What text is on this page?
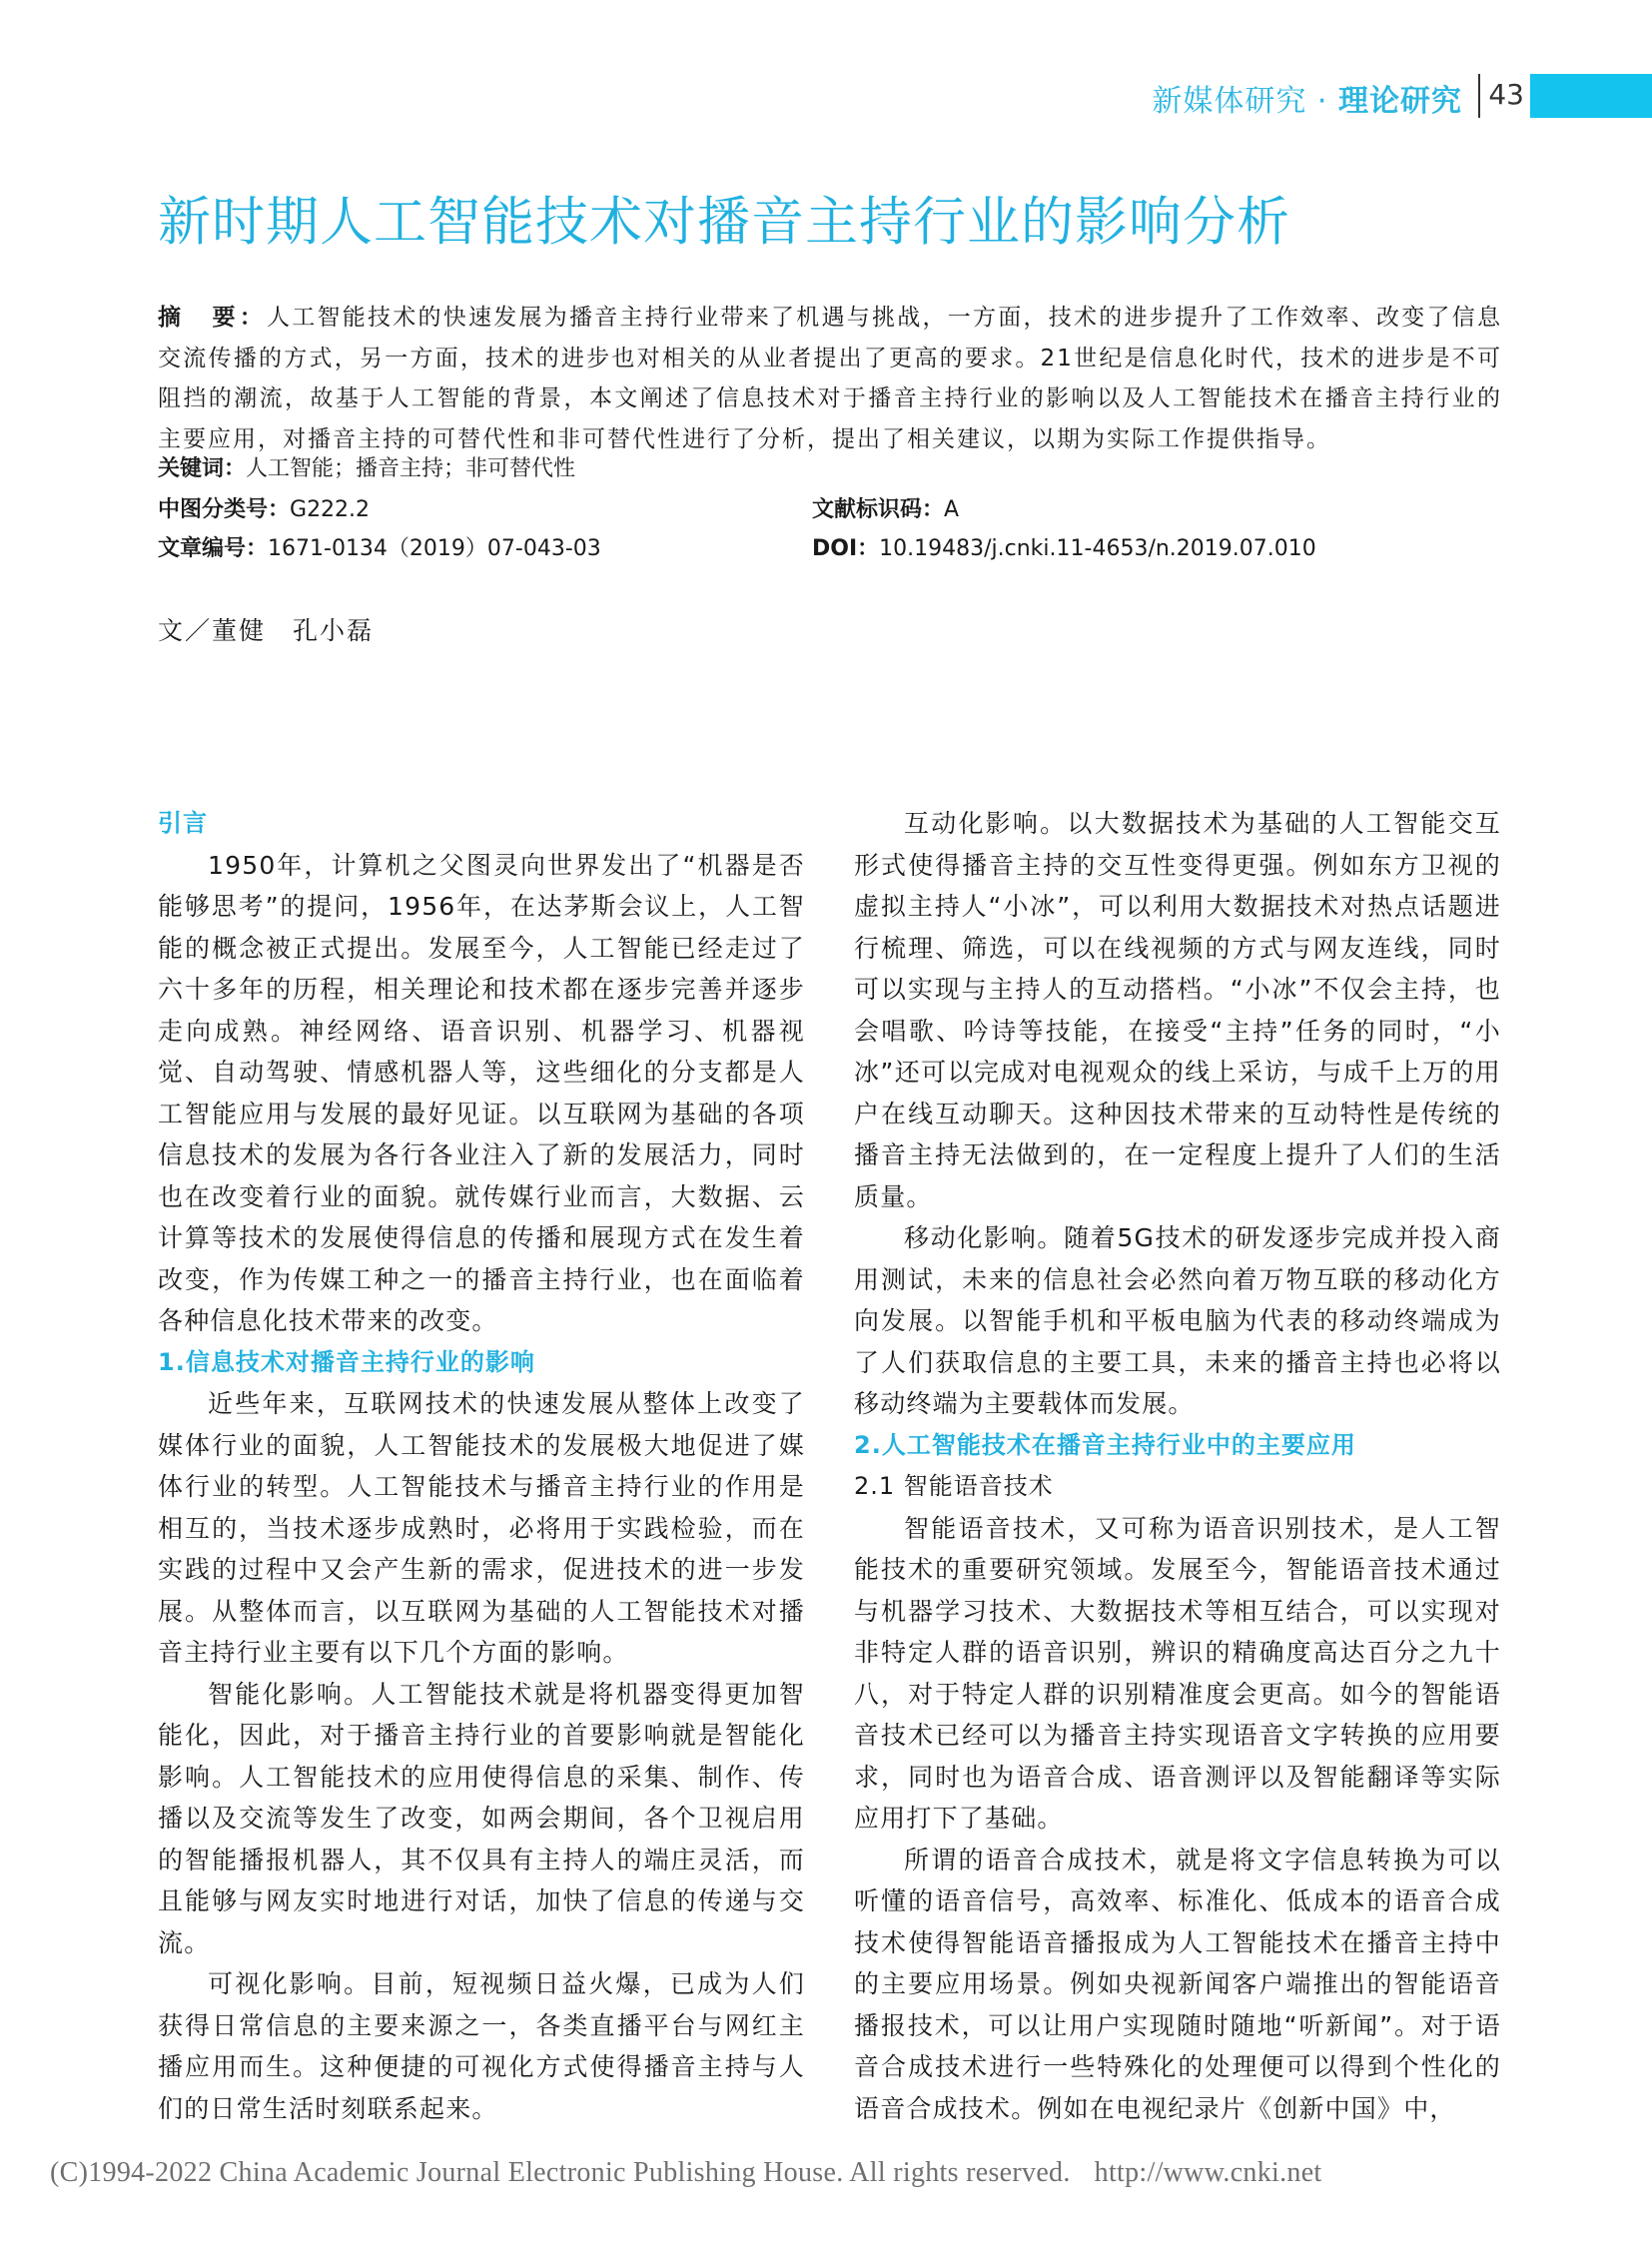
新媒体研究 · 理论研究 43
新时期人工智能技术对播音主持行业的影响分析
摘　要：人工智能技术的快速发展为播音主持行业带来了机遇与挑战，一方面，技术的进步提升了工作效率、改变了信息交流传播的方式，另一方面，技术的进步也对相关的从业者提出了更高的要求。21世纪是信息化时代，技术的进步是不可阻挡的潮流，故基于人工智能的背景，本文阐述了信息技术对于播音主持行业的影响以及人工智能技术在播音主持行业的主要应用，对播音主持的可替代性和非可替代性进行了分析，提出了相关建议，以期为实际工作提供指导。
关键词：人工智能；播音主持；非可替代性
中图分类号：G222.2	文献标识码：A
文章编号：1671-0134（2019）07-043-03	DOI：10.19483/j.cnki.11-4653/n.2019.07.010
文／董健　孔小磊
引言

1950年，计算机之父图灵向世界发出了“机器是否能够思考”的提问，1956年，在达茅斯会议上，人工智能的概念被正式提出。发展至今，人工智能已经走过了六十多年的历程，相关理论和技术都在逐步完善并逐步走向成熟。神经网络、语音识别、机器学习、机器视觉、自动驾驶、情感机器人等，这些细化的分支都是人工智能应用与发展的最好见证。以互联网为基础的各项信息技术的发展为各行各业注入了新的发展活力，同时也在改变着行业的面貌。就传媒行业而言，大数据、云计算等技术的发展使得信息的传播和展现方式在发生着改变，作为传媒工种之一的播音主持行业，也在面临着各种信息化技术带来的改变。

1.信息技术对播音主持行业的影响

近些年来，互联网技术的快速发展从整体上改变了媒体行业的面貌，人工智能技术的发展极大地促进了媒体行业的转型。人工智能技术与播音主持行业的作用是相互的，当技术逐步成熟时，必将用于实践检验，而在实践的过程中又会产生新的需求，促进技术的进一步发展。从整体而言，以互联网为基础的人工智能技术对播音主持行业主要有以下几个方面的影响。

智能化影响。人工智能技术就是将机器变得更加智能化，因此，对于播音主持行业的首要影响就是智能化影响。人工智能技术的应用使得信息的采集、制作、传播以及交流等发生了改变，如两会期间，各个卫视启用的智能播报机器人，其不仅具有主持人的端庄灵活，而且能够与网友实时地进行对话，加快了信息的传递与交流。

可视化影响。目前，短视频日益火爆，已成为人们获得日常信息的主要来源之一，各类直播平台与网红主播应用而生。这种便捷的可视化方式使得播音主持与人们的日常生活时刻联系起来。

互动化影响。以大数据技术为基础的人工智能交互形式使得播音主持的交互性变得更强。例如东方卫视的虚拟主持人“小冰”，可以利用大数据技术对热点话题进行梳理、筛选，可以在线视频的方式与网友连线，同时可以实现与主持人的互动搭档。“小冰”不仅会主持，也会唱歌、吟诗等技能，在接受“主持”任务的同时，“小冰”还可以完成对电视观众的线上采访，与成千上万的用户在线互动聊天。这种因技术带来的互动特性是传统的播音主持无法做到的，在一定程度上提升了人们的生活质量。

移动化影响。随着5G技术的研发逐步完成并投入商用测试，未来的信息社会必然向着万物互联的移动化方向发展。以智能手机和平板电脑为代表的移动终端成为了人们获取信息的主要工具，未来的播音主持也必将以移动终端为主要载体而发展。

2.人工智能技术在播音主持行业中的主要应用
2.1 智能语音技术

智能语音技术，又可称为语音识别技术，是人工智能技术的重要研究领域。发展至今，智能语音技术通过与机器学习技术、大数据技术等相互结合，可以实现对非特定人群的语音识别，辨识的精确度高达百分之九十八，对于特定人群的识别精准度会更高。如今的智能语音技术已经可以为播音主持实现语音文字转换的应用要求，同时也为语音合成、语音测评以及智能翻译等实际应用打下了基础。

所谓的语音合成技术，就是将文字信息转换为可以听懂的语音信号，高效率、标准化、低成本的语音合成技术使得智能语音播报成为人工智能技术在播音主持中的主要应用场景。例如央视新闻客户端推出的智能语音播报技术，可以让用户实现随时随地“听新闻”。对于语音合成技术进行一些特殊化的处理便可以得到个性化的语音合成技术。例如在电视纪录片《创新中国》中，

(C)1994-2022 China Academic Journal Electronic Publishing House. All rights reserved. http://www.cnki.net
